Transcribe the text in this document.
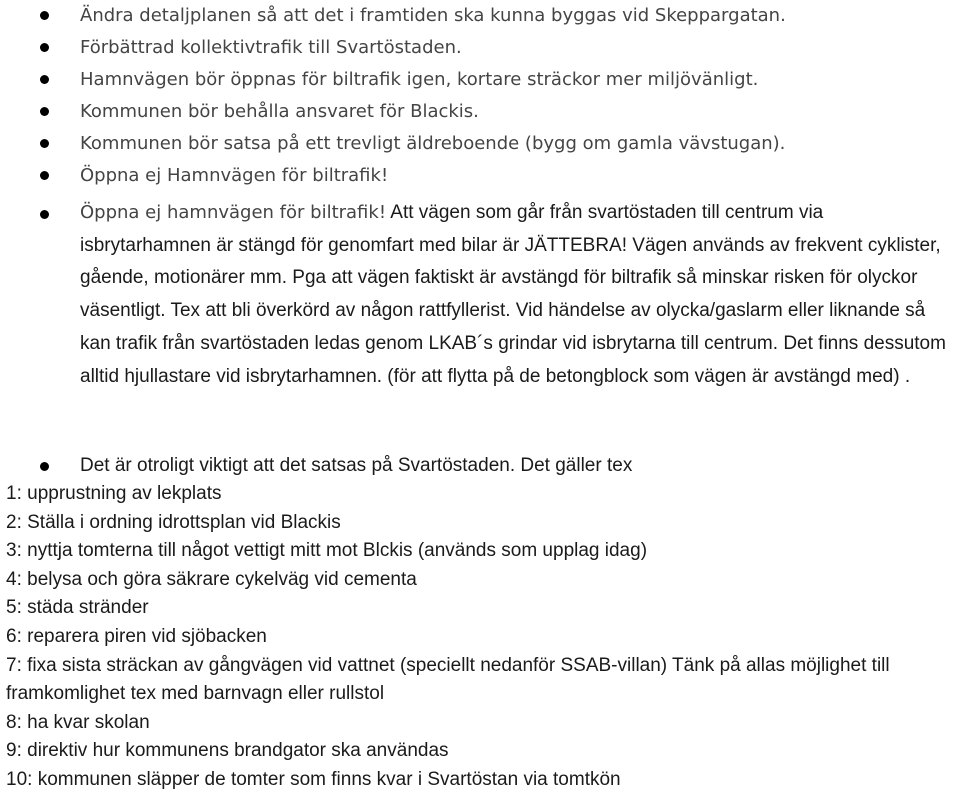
Ändra detaljplanen så att det i framtiden ska kunna byggas vid Skeppargatan.
Förbättrad kollektivtrafik till Svartöstaden.
Hamnvägen bör öppnas för biltrafik igen, kortare sträckor mer miljövänligt.
Kommunen bör behålla ansvaret för Blackis.
Kommunen bör satsa på ett trevligt äldreboende (bygg om gamla vävstugan).
Öppna ej Hamnvägen för biltrafik!
Öppna ej hamnvägen för biltrafik! Att vägen som går från svartöstaden till centrum via isbrytarhamnen är stängd för genomfart med bilar är JÄTTEBRA! Vägen används av frekvent cyklister, gående, motionärer mm. Pga att vägen faktiskt är avstängd för biltrafik så minskar risken för olyckor väsentligt. Tex att bli överkörd av någon rattfyllerist. Vid händelse av olycka/gaslarm eller liknande så kan trafik från svartöstaden ledas genom LKAB´s grindar vid isbrytarna till centrum. Det finns dessutom alltid hjullastare vid isbrytarhamnen. (för att flytta på de betongblock som vägen är avstängd med) .
Det är otroligt viktigt att det satsas på Svartöstaden. Det gäller tex
1: upprustning av lekplats
2: Ställa i ordning idrottsplan vid Blackis
3: nyttja tomterna till något vettigt mitt mot Blckis (används som upplag idag)
4: belysa och göra säkrare cykelväg vid cementa
5: städa stränder
6: reparera piren vid sjöbacken
7: fixa sista sträckan av gångvägen vid vattnet (speciellt nedanför SSAB-villan) Tänk på allas möjlighet till framkomlighet tex med barnvagn eller rullstol
8: ha kvar skolan
9: direktiv hur kommunens brandgator ska användas
10: kommunen släpper de tomter som finns kvar i Svartöstan via tomtkön
